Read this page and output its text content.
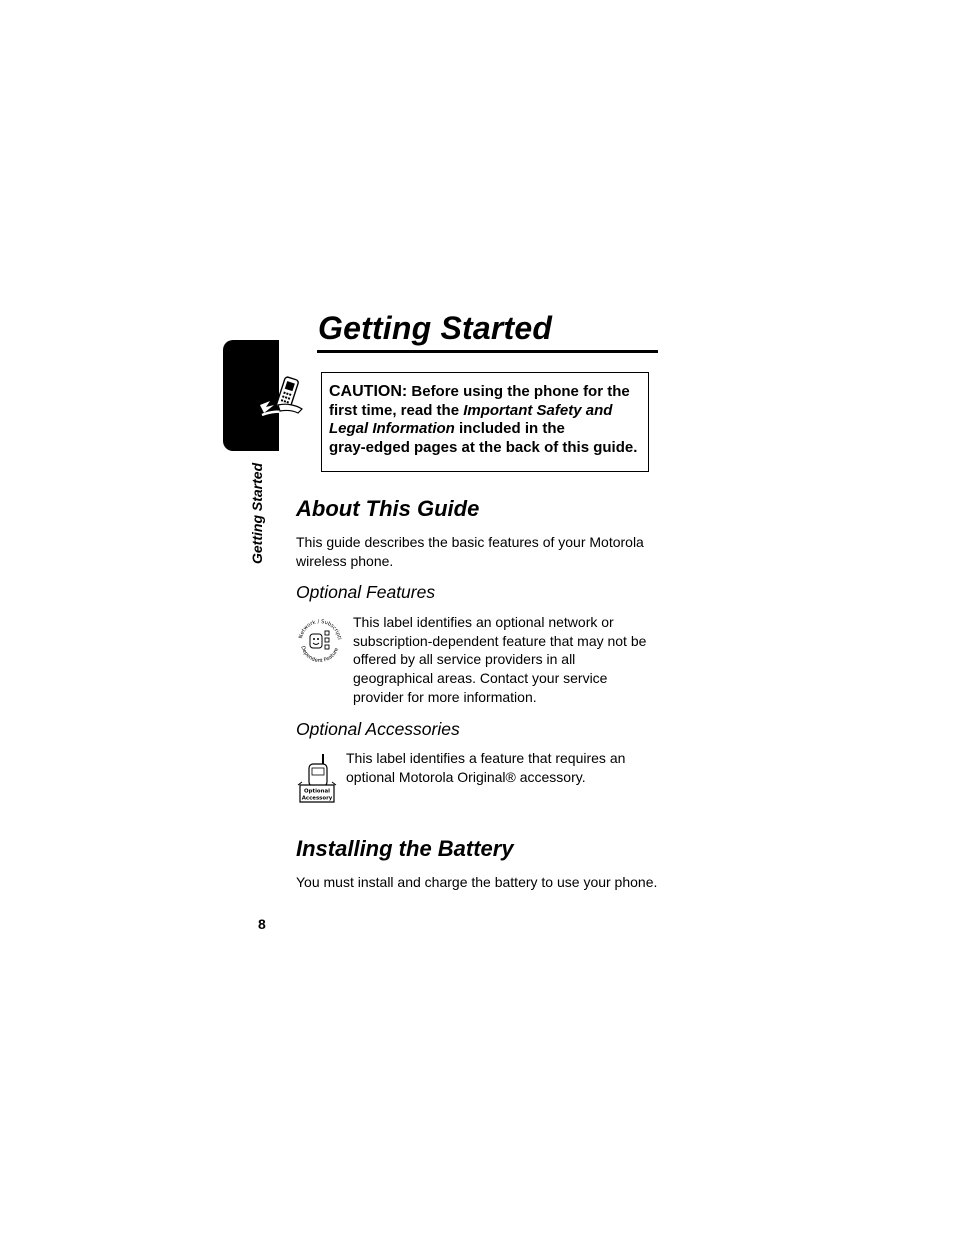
Getting Started
Getting Started
CAUTION: Before using the phone for the
first time, read the Important Safety and Legal Information included in the
gray-edged pages at the back of this guide.
About This Guide

This guide describes the basic features of your Motorola wireless phone.

Optional Features
Network / Subscripti
Dependent Feature

This label identifies an optional network or subscription-dependent feature that may not be offered by all service providers in all geographical areas. Contact your service provider for more information.

Optional Accessories
Optional
Accessory

This label identifies a feature that requires an optional Motorola Original® accessory.

Installing the Battery

You must install and charge the battery to use your phone.

8
